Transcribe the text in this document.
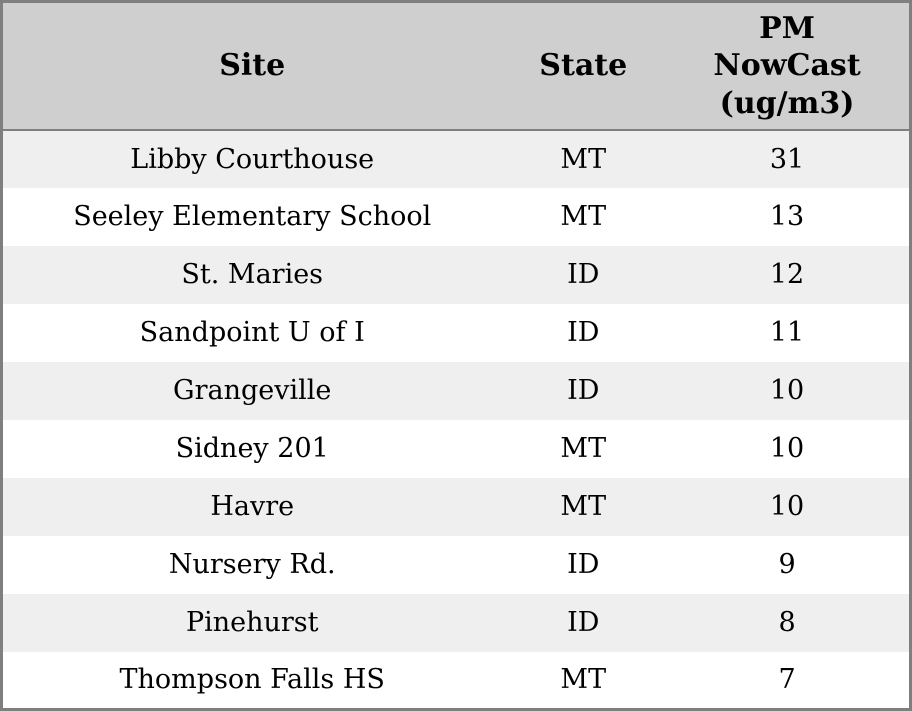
Site	State	PM NowCast (ug/m3)
Libby Courthouse	MT	31
Seeley Elementary School	MT	13
St. Maries	ID	12
Sandpoint U of I	ID	11
Grangeville	ID	10
Sidney 201	MT	10
Havre	MT	10
Nursery Rd.	ID	9
Pinehurst	ID	8
Thompson Falls HS	MT	7
